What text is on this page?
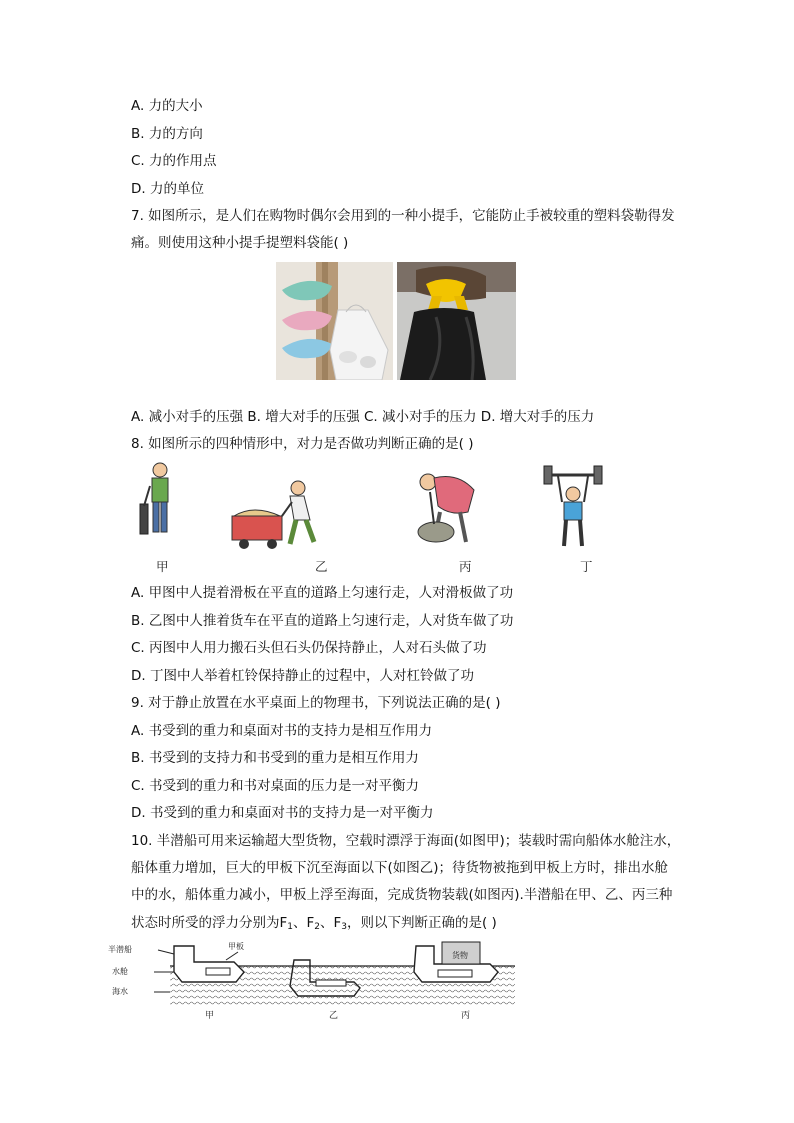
A. 力的大小
B. 力的方向
C. 力的作用点
D. 力的单位
7. 如图所示，是人们在购物时偶尔会用到的一种小提手，它能防止手被较重的塑料袋勒得发
痛。则使用这种小提手提塑料袋能( )
A. 减小对手的压强 B. 增大对手的压强 C. 减小对手的压力 D. 增大对手的压力
8. 如图所示的四种情形中，对力是否做功判断正确的是( )
甲	乙	丙	丁
A. 甲图中人提着滑板在平直的道路上匀速行走，人对滑板做了功
B. 乙图中人推着货车在平直的道路上匀速行走，人对货车做了功
C. 丙图中人用力搬石头但石头仍保持静止，人对石头做了功
D. 丁图中人举着杠铃保持静止的过程中，人对杠铃做了功
9. 对于静止放置在水平桌面上的物理书，下列说法正确的是( )
A. 书受到的重力和桌面对书的支持力是相互作用力
B. 书受到的支持力和书受到的重力是相互作用力
C. 书受到的重力和书对桌面的压力是一对平衡力
D. 书受到的重力和桌面对书的支持力是一对平衡力
10. 半潜船可用来运输超大型货物，空载时漂浮于海面(如图甲)；装载时需向船体水舱注水，
船体重力增加，巨大的甲板下沉至海面以下(如图乙)；待货物被拖到甲板上方时，排出水舱
中的水，船体重力减小，甲板上浮至海面，完成货物装载(如图丙).半潜船在甲、乙、丙三种
状态时所受的浮力分别为$F_1$、$F_2$、$F_3$，则以下判断正确的是( )
半潜船
水舱
海水
甲板
货物
甲	乙	丙
